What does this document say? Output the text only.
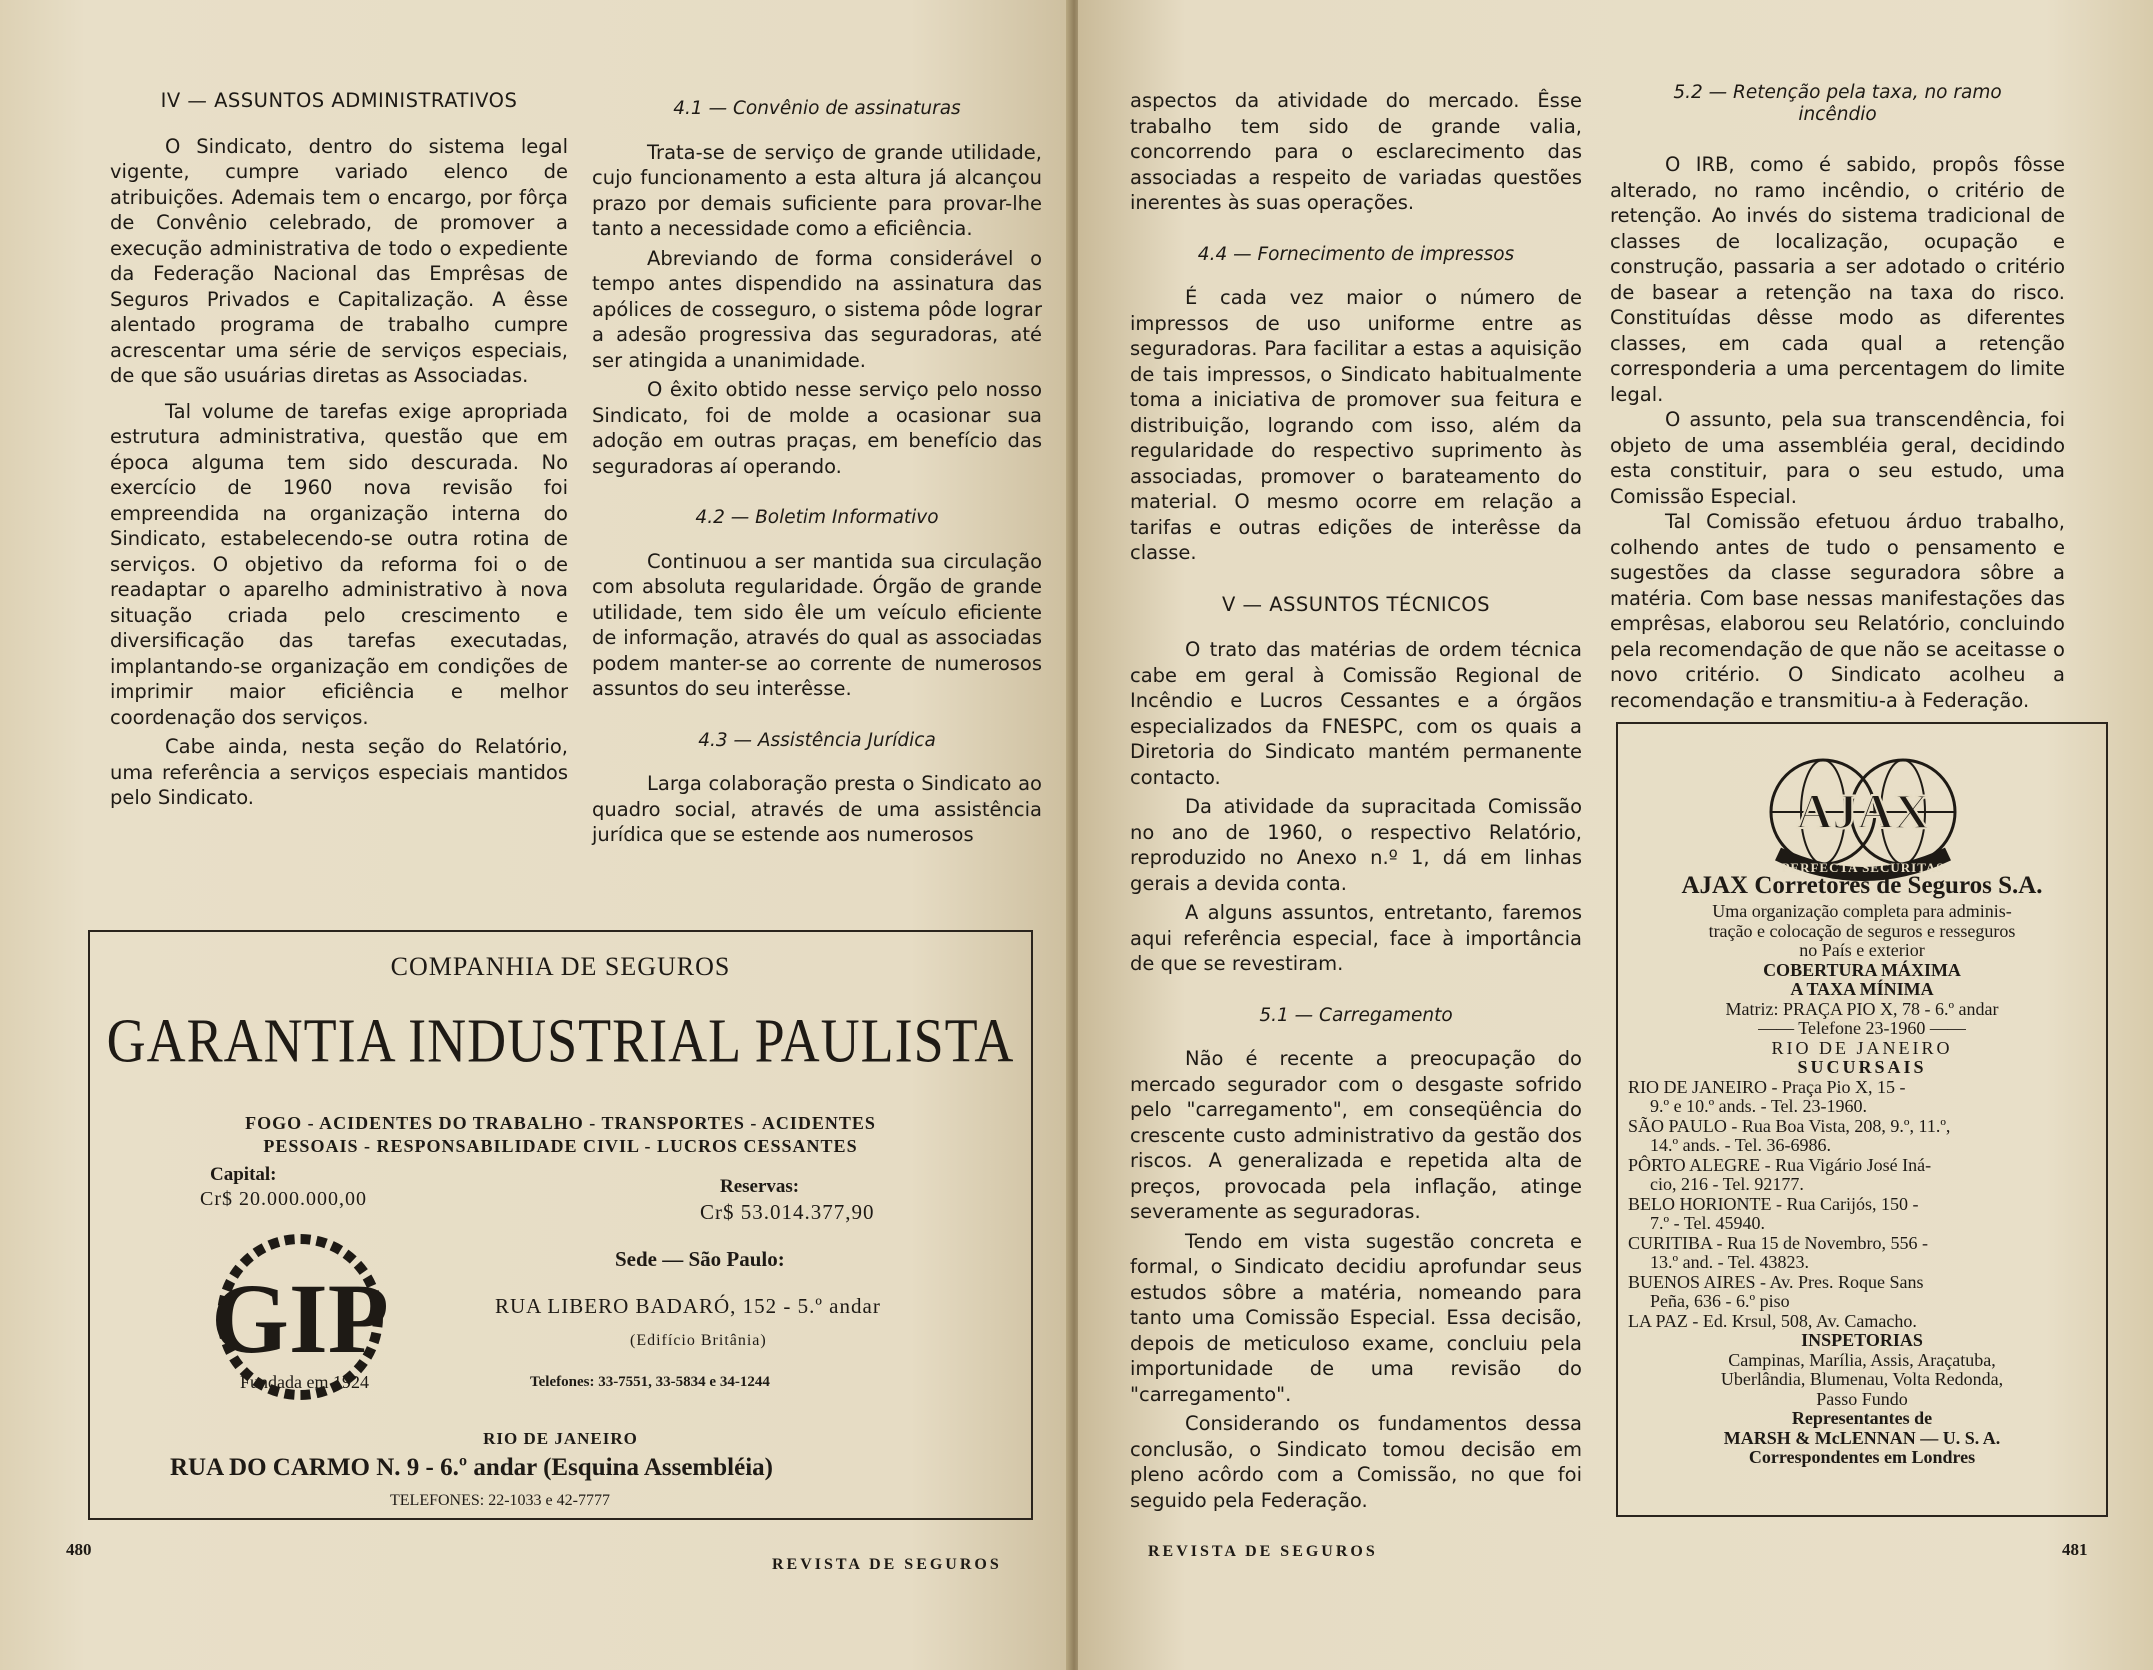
IV — ASSUNTOS ADMINISTRATIVOS

O Sindicato, dentro do sistema legal vigente, cumpre variado elenco de atribuições. Ademais tem o encargo, por fôrça de Convênio celebrado, de promover a execução administrativa de todo o expediente da Federação Nacional das Emprêsas de Seguros Privados e Capitalização. A êsse alentado programa de trabalho cumpre acrescentar uma série de serviços especiais, de que são usuárias diretas as Associadas.

Tal volume de tarefas exige apropriada estrutura administrativa, questão que em época alguma tem sido descurada. No exercício de 1960 nova revisão foi empreendida na organização interna do Sindicato, estabelecendo-se outra rotina de serviços. O objetivo da reforma foi o de readaptar o aparelho administrativo à nova situação criada pelo crescimento e diversificação das tarefas executadas, implantando-se organização em condições de imprimir maior eficiência e melhor coordenação dos serviços.

Cabe ainda, nesta seção do Relatório, uma referência a serviços especiais mantidos pelo Sindicato.

4.1 — Convênio de assinaturas

Trata-se de serviço de grande utilidade, cujo funcionamento a esta altura já alcançou prazo por demais suficiente para provar-lhe tanto a necessidade como a eficiência.

Abreviando de forma considerável o tempo antes dispendido na assinatura das apólices de cosseguro, o sistema pôde lograr a adesão progressiva das seguradoras, até ser atingida a unanimidade.

O êxito obtido nesse serviço pelo nosso Sindicato, foi de molde a ocasionar sua adoção em outras praças, em benefício das seguradoras aí operando.

4.2 — Boletim Informativo

Continuou a ser mantida sua circulação com absoluta regularidade. Órgão de grande utilidade, tem sido êle um veículo eficiente de informação, através do qual as associadas podem manter-se ao corrente de numerosos assuntos do seu interêsse.

4.3 — Assistência Jurídica

Larga colaboração presta o Sindicato ao quadro social, através de uma assistência jurídica que se estende aos numerosos

COMPANHIA DE SEGUROS
GARANTIA INDUSTRIAL PAULISTA
FOGO - ACIDENTES DO TRABALHO - TRANSPORTES - ACIDENTES
PESSOAIS - RESPONSABILIDADE CIVIL - LUCROS CESSANTES
Capital:
Cr$ 20.000.000,00
Reservas:
Cr$ 53.014.377,90
GIP
Fundada em 1924
Sede — São Paulo:
RUA LIBERO BADARÓ, 152 - 5.º andar
(Edifício Britânia)
Telefones: 33-7551, 33-5834 e 34-1244
RIO DE JANEIRO
RUA DO CARMO N. 9 - 6.º andar (Esquina Assembléia)
TELEFONES: 22-1033 e 42-7777
480
REVISTA DE SEGUROS

aspectos da atividade do mercado. Êsse trabalho tem sido de grande valia, concorrendo para o esclarecimento das associadas a respeito de variadas questões inerentes às suas operações.

4.4 — Fornecimento de impressos

É cada vez maior o número de impressos de uso uniforme entre as seguradoras. Para facilitar a estas a aquisição de tais impressos, o Sindicato habitualmente toma a iniciativa de promover sua feitura e distribuição, logrando com isso, além da regularidade do respectivo suprimento às associadas, promover o barateamento do material. O mesmo ocorre em relação a tarifas e outras edições de interêsse da classe.

V — ASSUNTOS TÉCNICOS

O trato das matérias de ordem técnica cabe em geral à Comissão Regional de Incêndio e Lucros Cessantes e a órgãos especializados da FNESPC, com os quais a Diretoria do Sindicato mantém permanente contacto.

Da atividade da supracitada Comissão no ano de 1960, o respectivo Relatório, reproduzido no Anexo n.º 1, dá em linhas gerais a devida conta.

A alguns assuntos, entretanto, faremos aqui referência especial, face à importância de que se revestiram.

5.1 — Carregamento

Não é recente a preocupação do mercado segurador com o desgaste sofrido pelo "carregamento", em conseqüência do crescente custo administrativo da gestão dos riscos. A generalizada e repetida alta de preços, provocada pela inflação, atinge severamente as seguradoras.

Tendo em vista sugestão concreta e formal, o Sindicato decidiu aprofundar seus estudos sôbre a matéria, nomeando para tanto uma Comissão Especial. Essa decisão, depois de meticuloso exame, concluiu pela importunidade de uma revisão do "carregamento".

Considerando os fundamentos dessa conclusão, o Sindicato tomou decisão em pleno acôrdo com a Comissão, no que foi seguido pela Federação.

5.2 — Retenção pela taxa, no ramo
incêndio

O IRB, como é sabido, propôs fôsse alterado, no ramo incêndio, o critério de retenção. Ao invés do sistema tradicional de classes de localização, ocupação e construção, passaria a ser adotado o critério de basear a retenção na taxa do risco. Constituídas dêsse modo as diferentes classes, em cada qual a retenção corresponderia a uma percentagem do limite legal.

O assunto, pela sua transcendência, foi objeto de uma assembléia geral, decidindo esta constituir, para o seu estudo, uma Comissão Especial.

Tal Comissão efetuou árduo trabalho, colhendo antes de tudo o pensamento e sugestões da classe seguradora sôbre a matéria. Com base nessas manifestações das emprêsas, elaborou seu Relatório, concluindo pela recomendação de que não se aceitasse o novo critério. O Sindicato acolheu a recomendação e transmitiu-a à Federação.

AJAX
PERFECTA SECURITAS
AJAX Corretores de Seguros S.A.
Uma organização completa para adminis-
tração e colocação de seguros e resseguros
no País e exterior
COBERTURA MÁXIMA
A TAXA MÍNIMA
Matriz: PRAÇA PIO X, 78 - 6.º andar
—— Telefone 23-1960 ——
RIO DE JANEIRO
SUCURSAIS
RIO DE JANEIRO - Praça Pio X, 15 -
9.º e 10.º ands. - Tel. 23-1960.
SÃO PAULO - Rua Boa Vista, 208, 9.º, 11.º,
14.º ands. - Tel. 36-6986.
PÔRTO ALEGRE - Rua Vigário José Iná-
cio, 216 - Tel. 92177.
BELO HORIONTE - Rua Carijós, 150 -
7.º - Tel. 45940.
CURITIBA - Rua 15 de Novembro, 556 -
13.º and. - Tel. 43823.
BUENOS AIRES - Av. Pres. Roque Sans
Peña, 636 - 6.º piso
LA PAZ - Ed. Krsul, 508, Av. Camacho.
INSPETORIAS
Campinas, Marília, Assis, Araçatuba,
Uberlândia, Blumenau, Volta Redonda,
Passo Fundo
Representantes de
MARSH & McLENNAN — U. S. A.
Correspondentes em Londres
REVISTA DE SEGUROS	481
